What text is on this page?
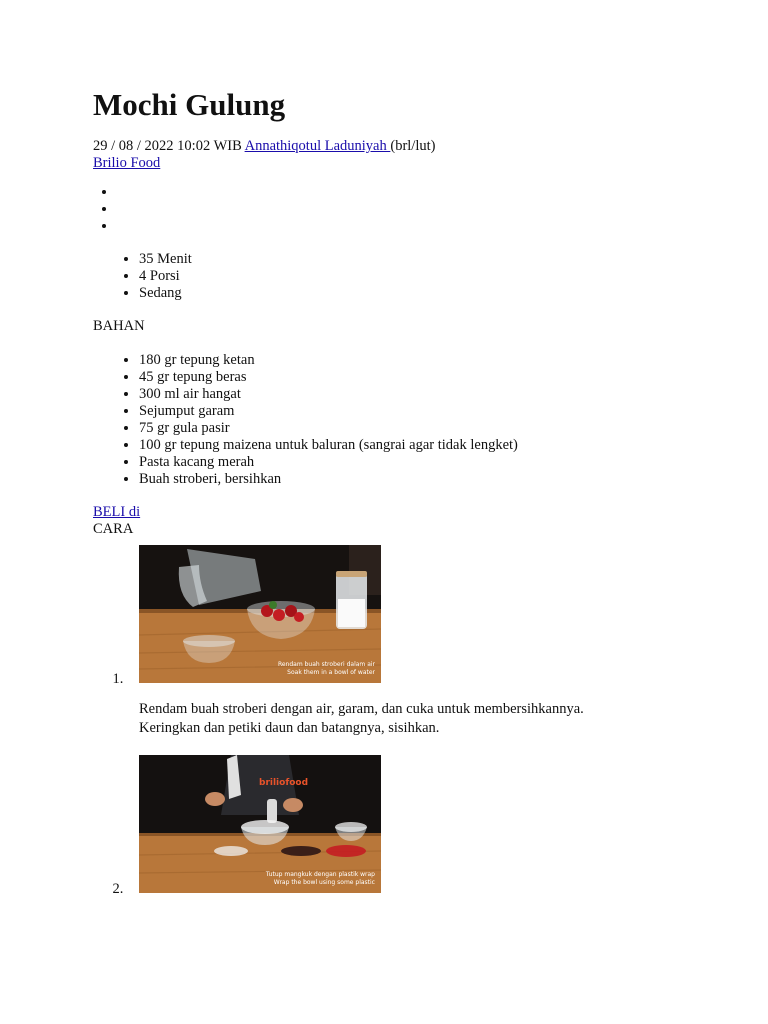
Mochi Gulung
29 / 08 / 2022 10:02 WIB Annathiqotul Laduniyah (brl/lut)
Brilio Food
•
•
•
• 35 Menit
• 4 Porsi
• Sedang
BAHAN
• 180 gr tepung ketan
• 45 gr tepung beras
• 300 ml air hangat
• Sejumput garam
• 75 gr gula pasir
• 100 gr tepung maizena untuk baluran (sangrai agar tidak lengket)
• Pasta kacang merah
• Buah stroberi, bersihkan
BELI di
CARA
1. Rendam buah stroberi dalam air
Soak them in a bowl of water
Rendam buah stroberi dengan air, garam, dan cuka untuk membersihkannya.
Keringkan dan petiki daun dan batangnya, sisihkan.
2. briliofood
Tutup mangkuk dengan plastik wrap
Wrap the bowl using some plastic
